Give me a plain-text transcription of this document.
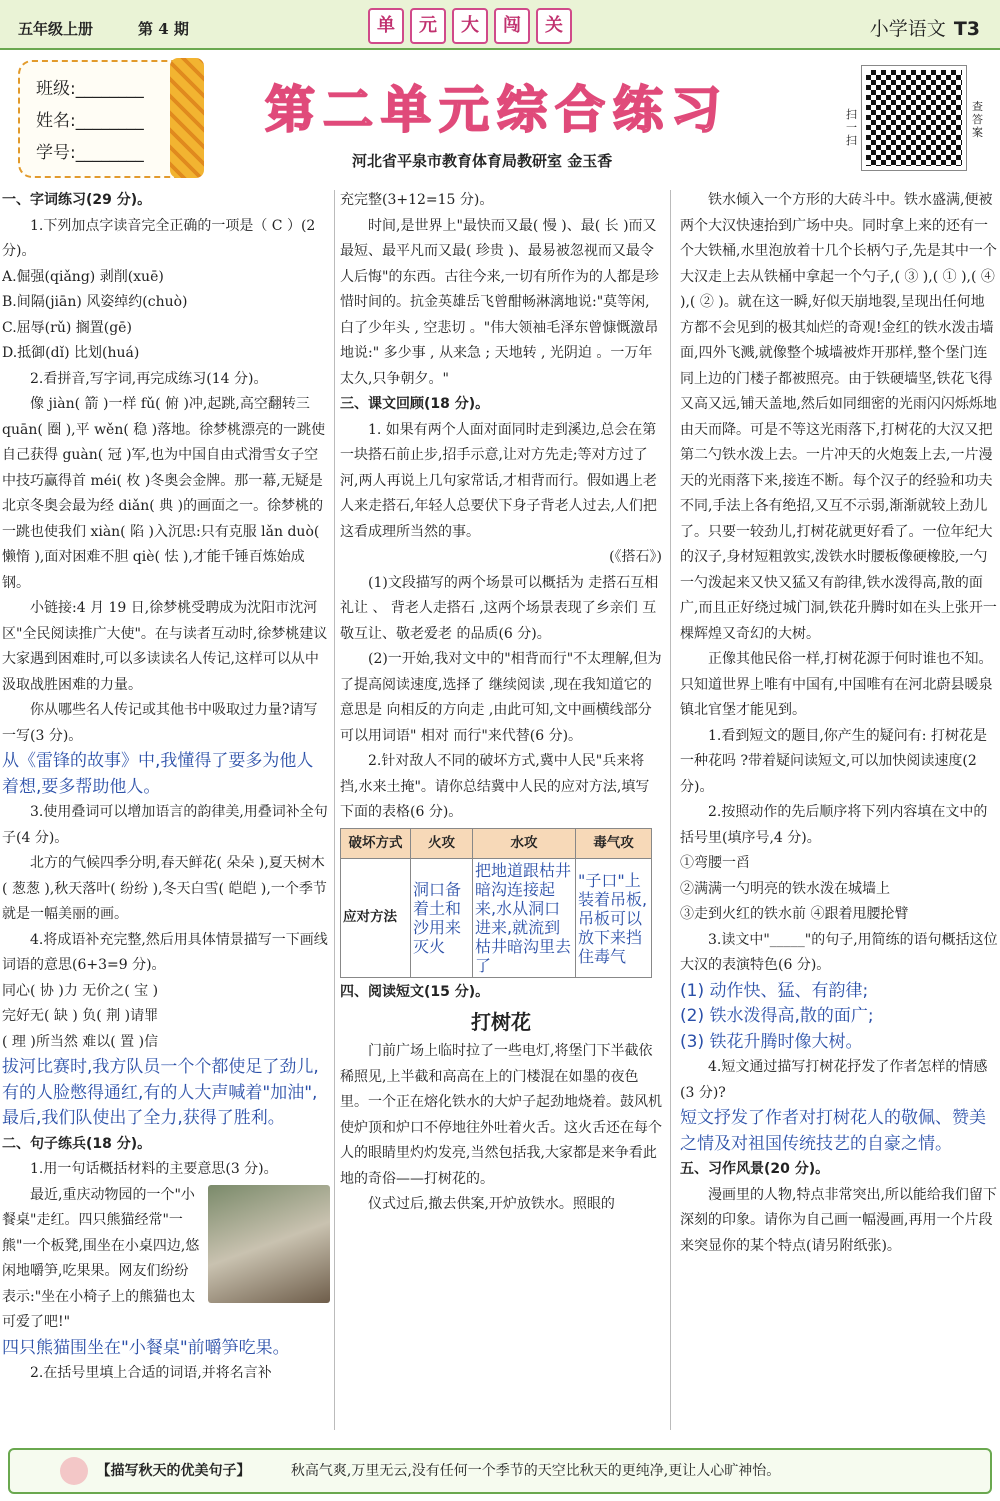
五年级上册	第 4 期	单	元	大	闯	关	小学语文 T3
班级:________
姓名:________
学号:________
第二单元综合练习	扫一扫
查答案
河北省平泉市教育体育局教研室 金玉香

一、字词练习(29 分)。

1.下列加点字读音完全正确的一项是（ C ）(2 分)。

A.倔强(qiǎng) 剥削(xuē)

B.间隔(jiān) 风姿绰约(chuò)

C.屈辱(rǔ) 搁置(gē)

D.抵御(dǐ) 比划(huá)

2.看拼音,写字词,再完成练习(14 分)。

像 jiàn( 箭 )一样 fǔ( 俯 )冲,起跳,高空翻转三 quān( 圈 ),平 wěn( 稳 )落地。徐梦桃漂亮的一跳使自己获得 guàn( 冠 )军,也为中国自由式滑雪女子空中技巧赢得首 méi( 枚 )冬奥会金牌。那一幕,无疑是北京冬奥会最为经 diǎn( 典 )的画面之一。徐梦桃的一跳也使我们 xiàn( 陷 )入沉思:只有克服 lǎn duò( 懒惰 ),面对困难不胆 qiè( 怯 ),才能千锤百炼始成钢。

小链接:4 月 19 日,徐梦桃受聘成为沈阳市沈河区"全民阅读推广大使"。在与读者互动时,徐梦桃建议大家遇到困难时,可以多读读名人传记,这样可以从中汲取战胜困难的力量。

你从哪些名人传记或其他书中吸取过力量?请写一写(3 分)。

从《雷锋的故事》中,我懂得了要多为他人着想,要多帮助他人。

3.使用叠词可以增加语言的韵律美,用叠词补全句子(4 分)。

北方的气候四季分明,春天鲜花( 朵朵 ),夏天树木( 葱葱 ),秋天落叶( 纷纷 ),冬天白雪( 皑皑 ),一个季节就是一幅美丽的画。

4.将成语补充完整,然后用具体情景描写一下画线词语的意思(6+3=9 分)。

同心( 协 )力 无价之( 宝 )

完好无( 缺 ) 负( 荆 )请罪

( 理 )所当然 难以( 置 )信

拔河比赛时,我方队员一个个都使足了劲儿,有的人脸憋得通红,有的人大声喊着"加油",最后,我们队使出了全力,获得了胜利。

二、句子练兵(18 分)。

1.用一句话概括材料的主要意思(3 分)。

最近,重庆动物园的一个"小餐桌"走红。四只熊猫经常"一熊"一个板凳,围坐在小桌四边,悠闲地嚼笋,吃果果。网友们纷纷表示:"坐在小椅子上的熊猫也太可爱了吧!"

四只熊猫围坐在"小餐桌"前嚼笋吃果。

2.在括号里填上合适的词语,并将名言补

充完整(3+12=15 分)。

时间,是世界上"最快而又最( 慢 )、最( 长 )而又最短、最平凡而又最( 珍贵 )、最易被忽视而又最令人后悔"的东西。古往今来,一切有所作为的人都是珍惜时间的。抗金英雄岳飞曾酣畅淋漓地说:"莫等闲, 白了少年头 , 空悲切 。"伟大领袖毛泽东曾慷慨激昂地说:" 多少事 , 从来急 ; 天地转 , 光阴迫 。一万年太久,只争朝夕。"

三、课文回顾(18 分)。

1. 如果有两个人面对面同时走到溪边,总会在第一块搭石前止步,招手示意,让对方先走;等对方过了河,两人再说上几句家常话,才相背而行。假如遇上老人来走搭石,年轻人总要伏下身子背老人过去,人们把这看成理所当然的事。

(《搭石》)

(1)文段描写的两个场景可以概括为 走搭石互相礼让 、 背老人走搭石 ,这两个场景表现了乡亲们 互敬互让、敬老爱老 的品质(6 分)。

(2)一开始,我对文中的"相背而行"不太理解,但为了提高阅读速度,选择了 继续阅读 ,现在我知道它的意思是 向相反的方向走 ,由此可知,文中画横线部分可以用词语" 相对 而行"来代替(6 分)。

2.针对敌人不同的破坏方式,冀中人民"兵来将挡,水来土掩"。请你总结冀中人民的应对方法,填写下面的表格(6 分)。

破坏方式	火攻	水攻	毒气攻
应对方法	洞口备着土和沙用来灭火	把地道跟枯井暗沟连接起来,水从洞口进来,就流到枯井暗沟里去了	"子口"上装着吊板,吊板可以放下来挡住毒气

四、阅读短文(15 分)。

打树花

门前广场上临时拉了一些电灯,将堡门下半截依稀照见,上半截和高高在上的门楼混在如墨的夜色里。一个正在熔化铁水的大炉子起劲地烧着。鼓风机使炉顶和炉口不停地往外吐着火舌。这火舌还在每个人的眼睛里灼灼发亮,当然包括我,大家都是来争看此地的奇俗——打树花的。

仪式过后,撤去供案,开炉放铁水。照眼的

铁水倾入一个方形的大砖斗中。铁水盛满,便被两个大汉快速抬到广场中央。同时拿上来的还有一个大铁桶,水里泡放着十几个长柄勺子,先是其中一个大汉走上去从铁桶中拿起一个勺子,( ③ ),( ① ),( ④ ),( ② )。就在这一瞬,好似天崩地裂,呈现出任何地方都不会见到的极其灿烂的奇观!金红的铁水泼击墙面,四外飞溅,就像整个城墙被炸开那样,整个堡门连同上边的门楼子都被照亮。由于铁硬墙坚,铁花飞得又高又远,铺天盖地,然后如同细密的光雨闪闪烁烁地由天而降。可是不等这光雨落下,打树花的大汉又把第二勺铁水泼上去。一片冲天的火炮轰上去,一片漫天的光雨落下来,接连不断。每个汉子的经验和功夫不同,手法上各有绝招,又互不示弱,渐渐就较上劲儿了。只要一较劲儿,打树花就更好看了。一位年纪大的汉子,身材短粗敦实,泼铁水时腰板像硬橡胶,一勺一勺泼起来又快又猛又有韵律,铁水泼得高,散的面广,而且正好绕过城门洞,铁花升腾时如在头上张开一棵辉煌又奇幻的大树。

正像其他民俗一样,打树花源于何时谁也不知。只知道世界上唯有中国有,中国唯有在河北蔚县暖泉镇北官堡才能见到。

1.看到短文的题目,你产生的疑问有: 打树花是一种花吗 ?带着疑问读短文,可以加快阅读速度(2 分)。

2.按照动作的先后顺序将下列内容填在文中的括号里(填序号,4 分)。

①弯腰一舀

②满满一勺明亮的铁水泼在城墙上

③走到火红的铁水前 ④跟着甩腰抡臂

3.读文中"_____"的句子,用简练的语句概括这位大汉的表演特色(6 分)。

(1) 动作快、猛、有韵律;

(2) 铁水泼得高,散的面广;

(3) 铁花升腾时像大树。

4.短文通过描写打树花抒发了作者怎样的情感(3 分)?

短文抒发了作者对打树花人的敬佩、赞美之情及对祖国传统技艺的自豪之情。

五、习作风景(20 分)。

漫画里的人物,特点非常突出,所以能给我们留下深刻的印象。请你为自己画一幅漫画,再用一个片段来突显你的某个特点(请另附纸张)。

【描写秋天的优美句子】	秋高气爽,万里无云,没有任何一个季节的天空比秋天的更纯净,更让人心旷神怡。
